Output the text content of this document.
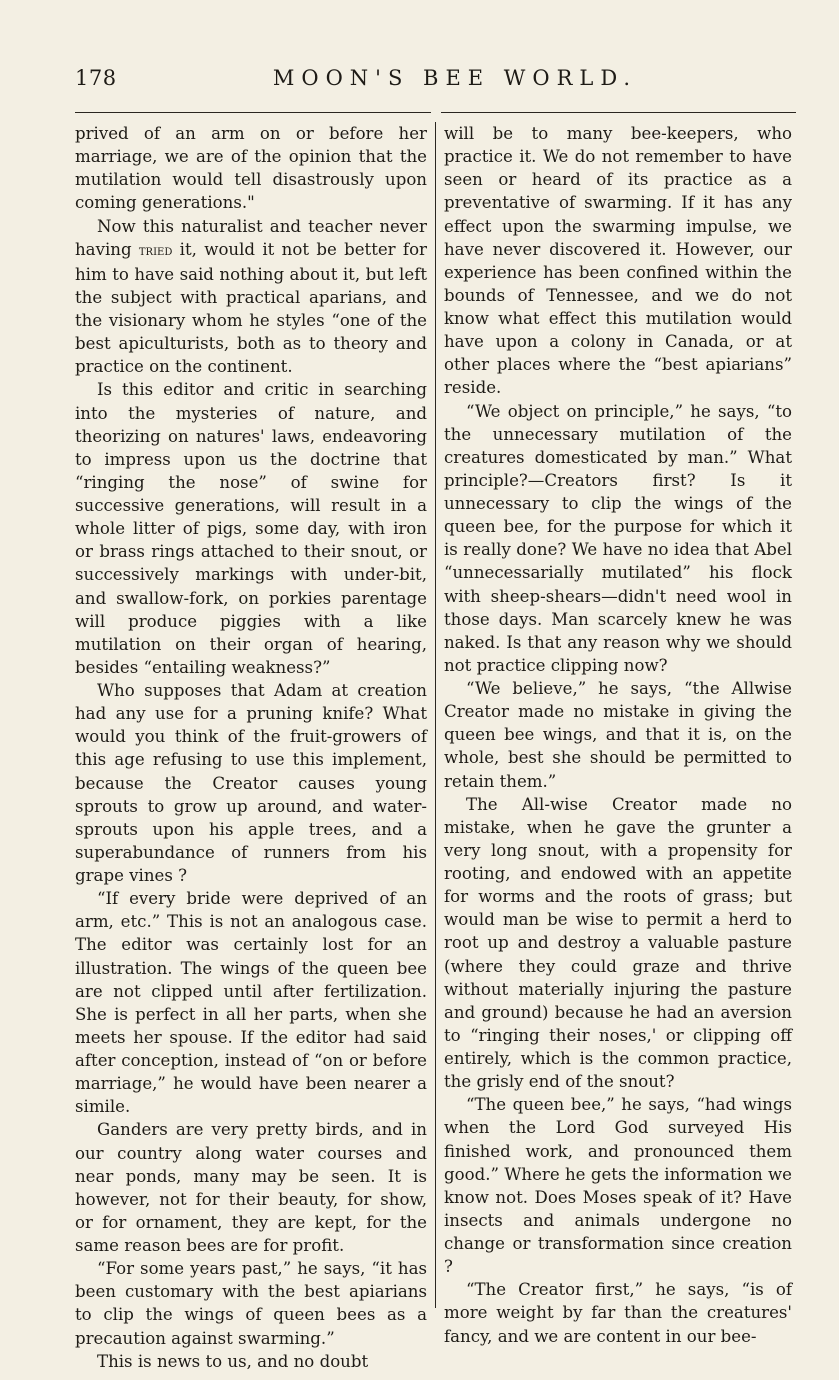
178	MOON'S BEE WORLD.

prived of an arm on or before her marriage, we are of the opinion that the mutilation would tell disastrously upon coming generations."

Now this naturalist and teacher never having tried it, would it not be better for him to have said nothing about it, but left the subject with practical aparians, and the visionary whom he styles “one of the best apiculturists, both as to theory and practice on the continent.

Is this editor and critic in searching into the mysteries of nature, and theorizing on natures' laws, endeavoring to impress upon us the doctrine that “ringing the nose” of swine for successive generations, will result in a whole litter of pigs, some day, with iron or brass rings attached to their snout, or successively markings with under-bit, and swallow-fork, on porkies parentage will produce piggies with a like mutilation on their organ of hearing, besides “entailing weakness?”

Who supposes that Adam at creation had any use for a pruning knife? What would you think of the fruit-growers of this age refusing to use this implement, because the Creator causes young sprouts to grow up around, and water-sprouts upon his apple trees, and a superabundance of runners from his grape vines ?

“If every bride were deprived of an arm, etc.” This is not an analogous case. The editor was certainly lost for an illustration. The wings of the queen bee are not clipped until after fertilization. She is perfect in all her parts, when she meets her spouse. If the editor had said after conception, instead of “on or before marriage,” he would have been nearer a simile.

Ganders are very pretty birds, and in our country along water courses and near ponds, many may be seen. It is however, not for their beauty, for show, or for ornament, they are kept, for the same reason bees are for profit.

“For some years past,” he says, “it has been customary with the best apiarians to clip the wings of queen bees as a precaution against swarming.”

This is news to us, and no doubt

will be to many bee-keepers, who practice it. We do not remember to have seen or heard of its practice as a preventative of swarming. If it has any effect upon the swarming impulse, we have never discovered it. However, our experience has been confined within the bounds of Tennessee, and we do not know what effect this mutilation would have upon a colony in Canada, or at other places where the “best apiarians” reside.

“We object on principle,” he says, “to the unnecessary mutilation of the creatures domesticated by man.” What principle?—Creators first? Is it unnecessary to clip the wings of the queen bee, for the purpose for which it is really done? We have no idea that Abel “unnecessarially mutilated” his flock with sheep-shears—didn't need wool in those days. Man scarcely knew he was naked. Is that any reason why we should not practice clipping now?

“We believe,” he says, “the Allwise Creator made no mistake in giving the queen bee wings, and that it is, on the whole, best she should be permitted to retain them.”

The All-wise Creator made no mistake, when he gave the grunter a very long snout, with a propensity for rooting, and endowed with an appetite for worms and the roots of grass; but would man be wise to permit a herd to root up and destroy a valuable pasture (where they could graze and thrive without materially injuring the pasture and ground) because he had an aversion to “ringing their noses,' or clipping off entirely, which is the common practice, the grisly end of the snout?

“The queen bee,” he says, “had wings when the Lord God surveyed His finished work, and pronounced them good.” Where he gets the information we know not. Does Moses speak of it? Have insects and animals undergone no change or transformation since creation ?

“The Creator first,” he says, “is of more weight by far than the creatures' fancy, and we are content in our bee-
